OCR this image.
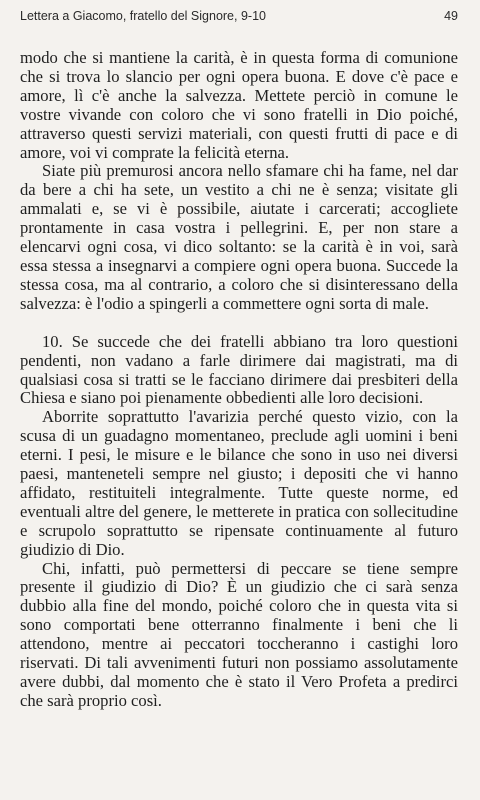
Lettera a Giacomo, fratello del Signore, 9-10	49

modo che si mantiene la carità, è in questa forma di comunione che si trova lo slancio per ogni opera buona. E dove c'è pace e amore, lì c'è anche la salvezza. Mettete perciò in comune le vostre vivande con coloro che vi sono fratelli in Dio poiché, attraverso questi servizi materiali, con questi frutti di pace e di amore, voi vi comprate la felicità eterna.

Siate più premurosi ancora nello sfamare chi ha fame, nel dar da bere a chi ha sete, un vestito a chi ne è senza; visitate gli ammalati e, se vi è possibile, aiutate i carcerati; accogliete prontamente in casa vostra i pellegrini. E, per non stare a elencarvi ogni cosa, vi dico soltanto: se la carità è in voi, sarà essa stessa a insegnarvi a compiere ogni opera buona. Succede la stessa cosa, ma al contrario, a coloro che si disinteressano della salvezza: è l'odio a spingerli a commettere ogni sorta di male.

10. Se succede che dei fratelli abbiano tra loro questioni pendenti, non vadano a farle dirimere dai magistrati, ma di qualsiasi cosa si tratti se le facciano dirimere dai presbiteri della Chiesa e siano poi pienamente obbedienti alle loro decisioni.

Aborrite soprattutto l'avarizia perché questo vizio, con la scusa di un guadagno momentaneo, preclude agli uomini i beni eterni. I pesi, le misure e le bilance che sono in uso nei diversi paesi, manteneteli sempre nel giusto; i depositi che vi hanno affidato, restituiteli integralmente. Tutte queste norme, ed eventuali altre del genere, le metterete in pratica con sollecitudine e scrupolo soprattutto se ripensate continuamente al futuro giudizio di Dio.

Chi, infatti, può permettersi di peccare se tiene sempre presente il giudizio di Dio? È un giudizio che ci sarà senza dubbio alla fine del mondo, poiché coloro che in questa vita si sono comportati bene otterranno finalmente i beni che li attendono, mentre ai peccatori toccheranno i castighi loro riservati. Di tali avvenimenti futuri non possiamo assolutamente avere dubbi, dal momento che è stato il Vero Profeta a predirci che sarà proprio così.
